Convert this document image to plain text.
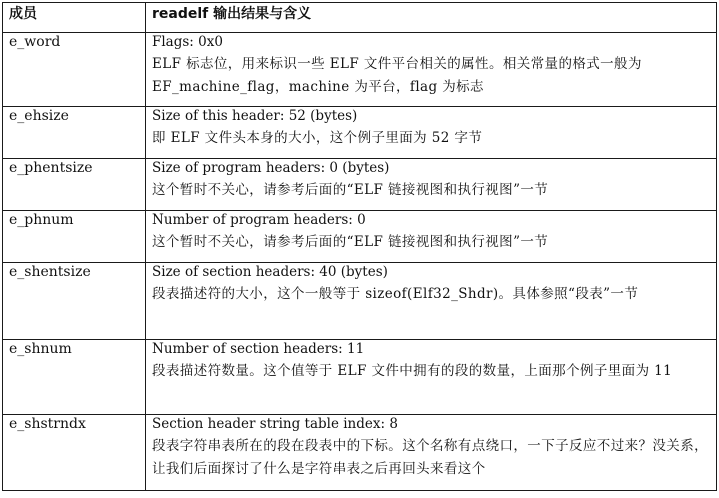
成员	readelf 输出结果与含义
e_word	Flags: 0x0
ELF 标志位，用来标识一些 ELF 文件平台相关的属性。相关常量的格式一般为 EF_machine_flag，machine 为平台，flag 为标志

e_ehsize	Size of this header: 52 (bytes)
即 ELF 文件头本身的大小，这个例子里面为 52 字节

e_phentsize	Size of program headers: 0 (bytes)
这个暂时不关心，请参考后面的“ELF 链接视图和执行视图”一节

e_phnum	Number of program headers: 0
这个暂时不关心，请参考后面的“ELF 链接视图和执行视图”一节

e_shentsize	Size of section headers: 40 (bytes)
段表描述符的大小，这个一般等于 sizeof(Elf32_Shdr)。具体参照“段表”一节

e_shnum	Number of section headers: 11
段表描述符数量。这个值等于 ELF 文件中拥有的段的数量，上面那个例子里面为 11

e_shstrndx	Section header string table index: 8
段表字符串表所在的段在段表中的下标。这个名称有点绕口，一下子反应不过来？没关系，让我们后面探讨了什么是字符串表之后再回头来看这个
